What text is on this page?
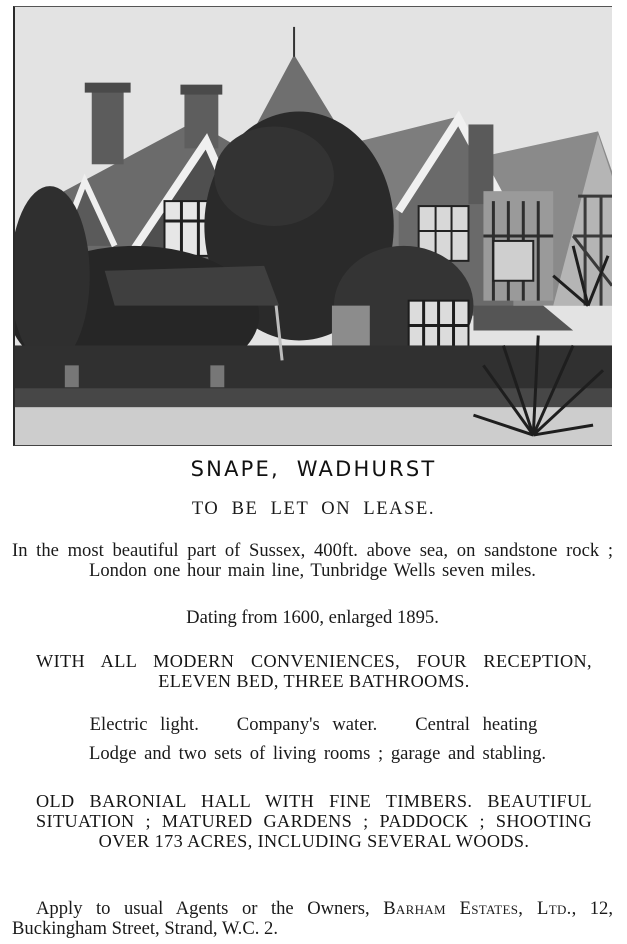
SNAPE, WADHURST
TO BE LET ON LEASE.
In the most beautiful part of Sussex, 400ft. above sea, on sandstone rock ; London one hour main line, Tunbridge Wells seven miles.
Dating from 1600, enlarged 1895.
WITH ALL MODERN CONVENIENCES, FOUR RECEPTION, ELEVEN BED, THREE BATHROOMS.
Electric light.   Company's water.   Central heating
Lodge and two sets of living rooms ; garage and stabling.
OLD BARONIAL HALL WITH FINE TIMBERS. BEAUTIFUL SITUATION ; MATURED GARDENS ; PADDOCK ; SHOOTING OVER 173 ACRES, INCLUDING SEVERAL WOODS.
Apply to usual Agents or the Owners, Barham Estates, Ltd., 12, Buckingham Street, Strand, W.C. 2.
